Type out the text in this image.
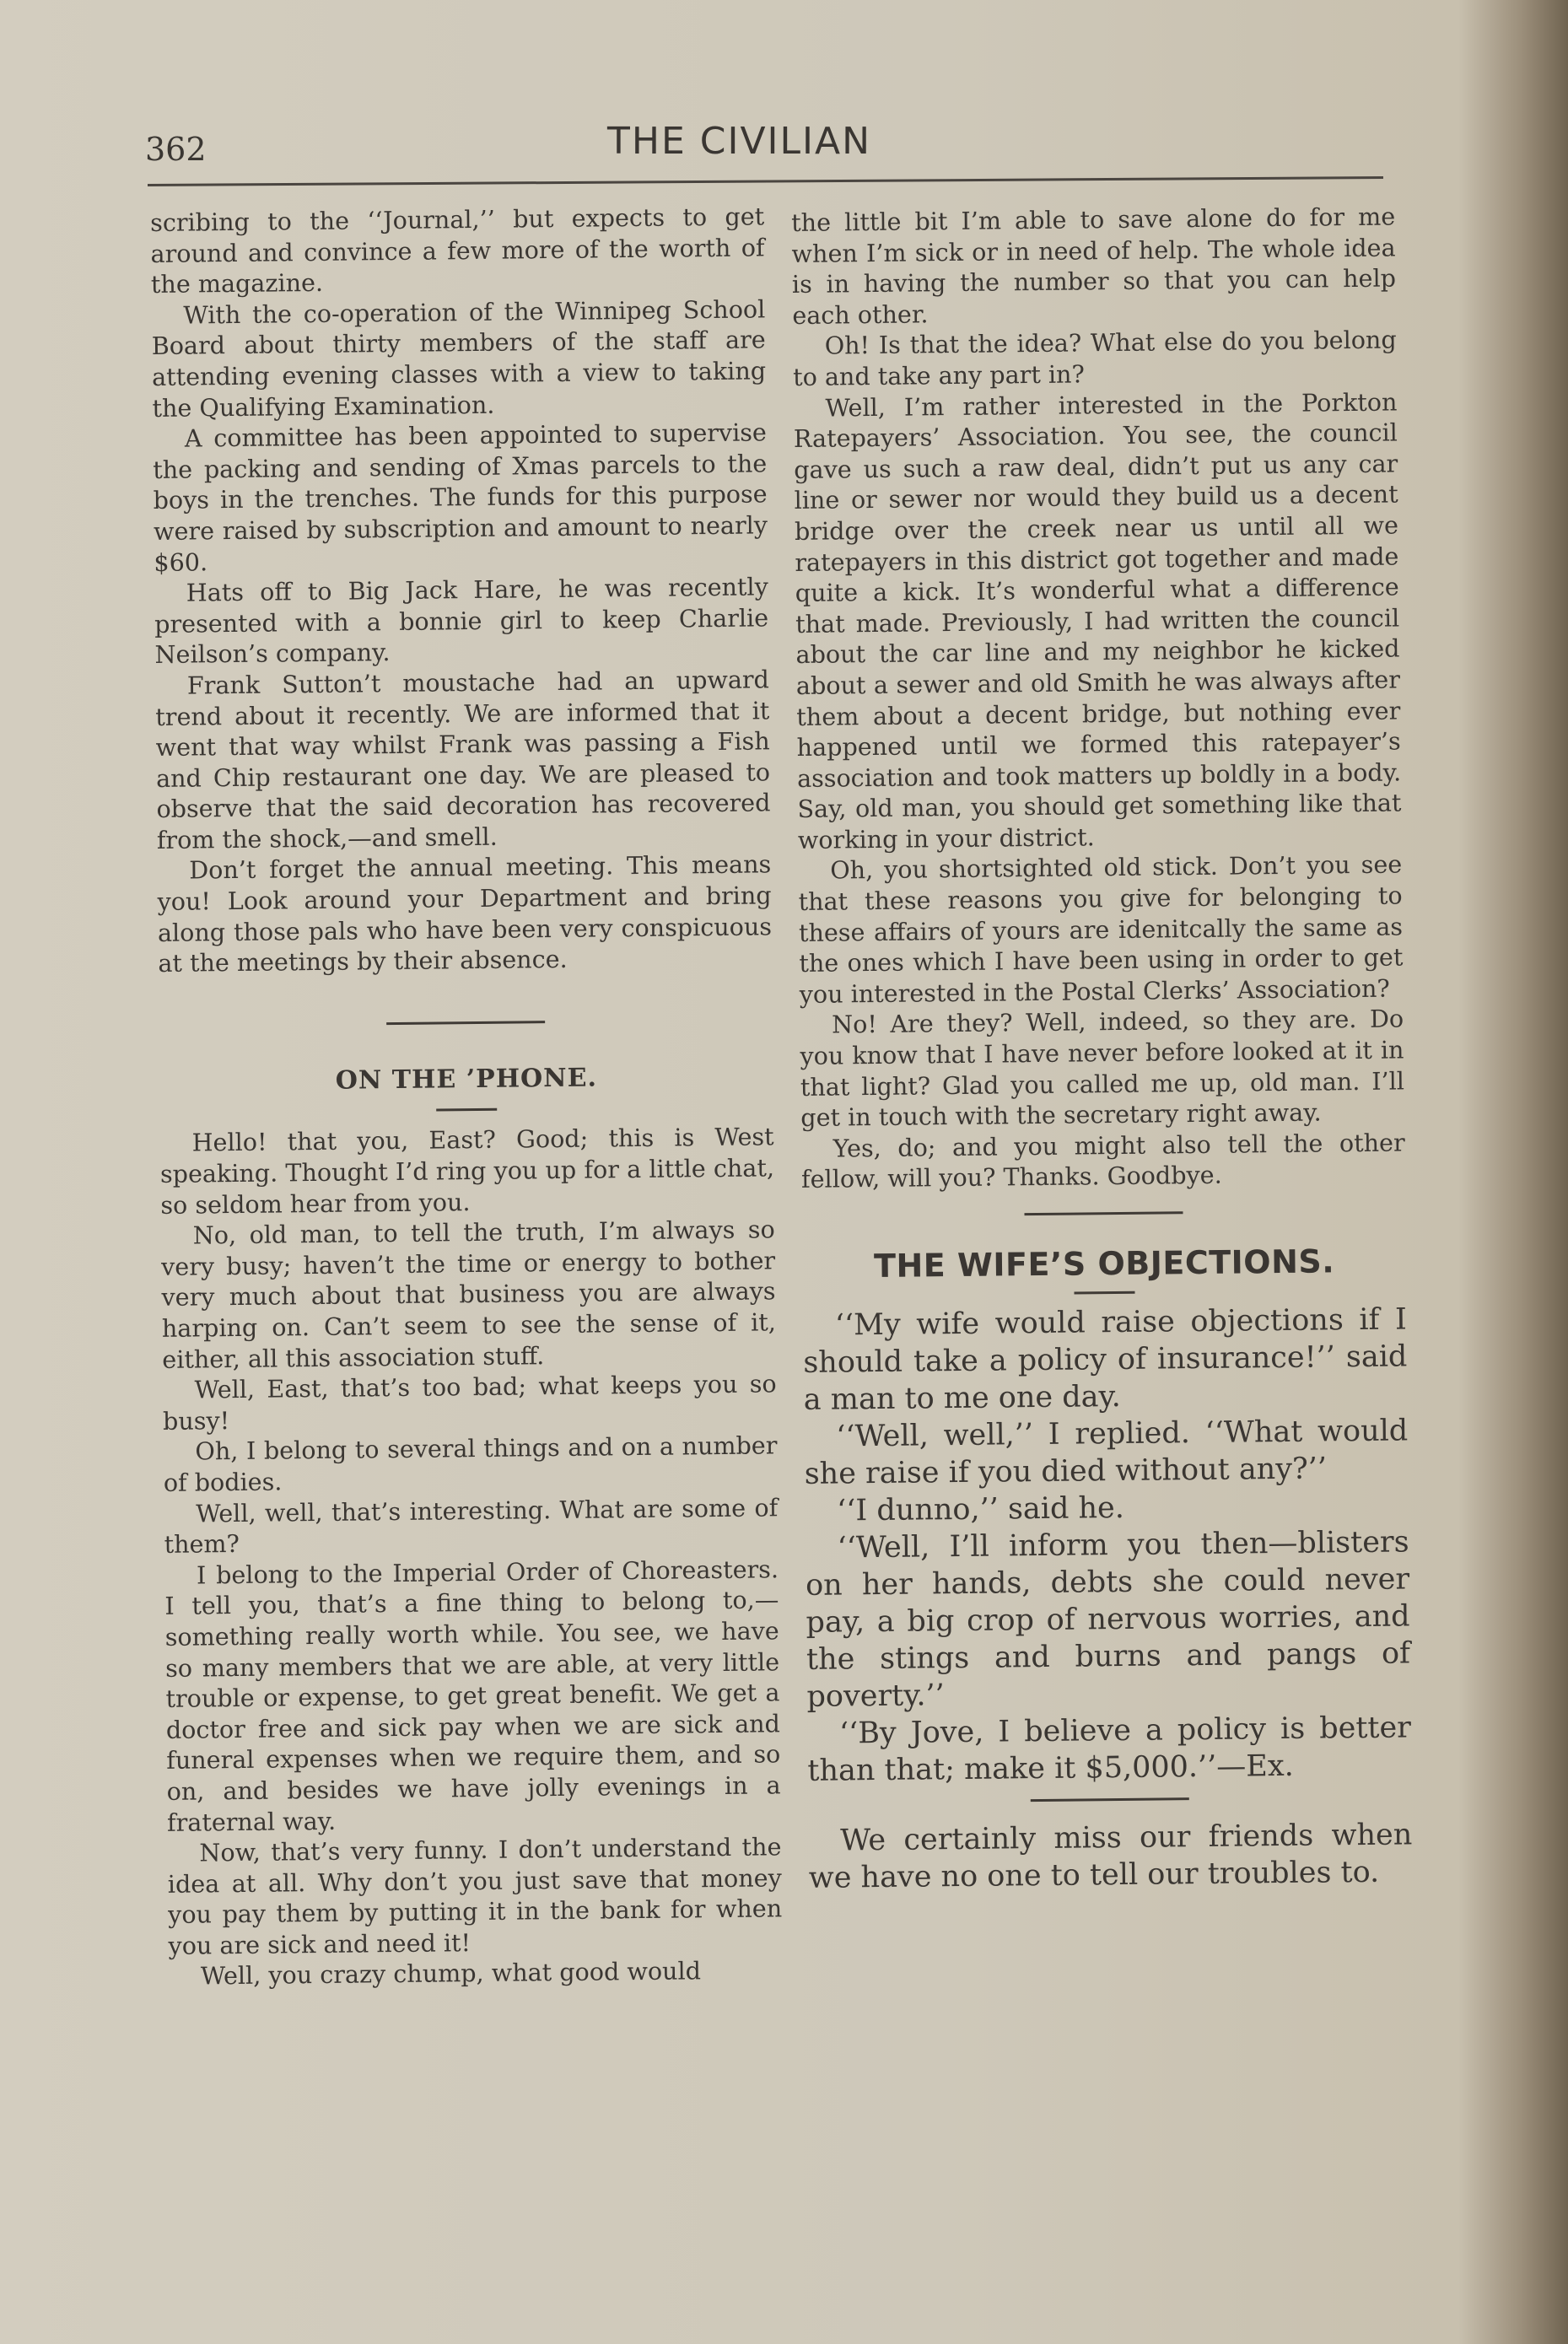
362	THE CIVILIAN

scribing to the ‘‘Journal,’’ but expects to get around and convince a few more of the worth of the magazine.

With the co-operation of the Winnipeg School Board about thirty members of the staff are attending evening classes with a view to taking the Qualifying Examination.

A committee has been appointed to supervise the packing and sending of Xmas parcels to the boys in the trenches. The funds for this purpose were raised by subscription and amount to nearly $60.

Hats off to Big Jack Hare, he was recently presented with a bonnie girl to keep Charlie Neilson’s company.

Frank Sutton’t moustache had an upward trend about it recently. We are informed that it went that way whilst Frank was passing a Fish and Chip restaurant one day. We are pleased to observe that the said decoration has recovered from the shock,—and smell.

Don’t forget the annual meeting. This means you! Look around your Department and bring along those pals who have been very conspicuous at the meetings by their absence.

ON THE ’PHONE.

Hello! that you, East? Good; this is West speaking. Thought I’d ring you up for a little chat, so seldom hear from you.

No, old man, to tell the truth, I’m always so very busy; haven’t the time or energy to bother very much about that business you are always harping on. Can’t seem to see the sense of it, either, all this association stuff.

Well, East, that’s too bad; what keeps you so busy!

Oh, I belong to several things and on a number of bodies.

Well, well, that’s interesting. What are some of them?

I belong to the Imperial Order of Choreasters. I tell you, that’s a fine thing to belong to,—something really worth while. You see, we have so many members that we are able, at very little trouble or expense, to get great benefit. We get a doctor free and sick pay when we are sick and funeral expenses when we require them, and so on, and besides we have jolly evenings in a fraternal way.

Now, that’s very funny. I don’t understand the idea at all. Why don’t you just save that money you pay them by putting it in the bank for when you are sick and need it!

Well, you crazy chump, what good would

the little bit I’m able to save alone do for me when I’m sick or in need of help. The whole idea is in having the number so that you can help each other.

Oh! Is that the idea? What else do you belong to and take any part in?

Well, I’m rather interested in the Porkton Ratepayers’ Association. You see, the council gave us such a raw deal, didn’t put us any car line or sewer nor would they build us a decent bridge over the creek near us until all we ratepayers in this district got together and made quite a kick. It’s wonderful what a difference that made. Previously, I had written the council about the car line and my neighbor he kicked about a sewer and old Smith he was always after them about a decent bridge, but nothing ever happened until we formed this ratepayer’s association and took matters up boldly in a body. Say, old man, you should get something like that working in your district.

Oh, you shortsighted old stick. Don’t you see that these reasons you give for belonging to these affairs of yours are idenitcally the same as the ones which I have been using in order to get you interested in the Postal Clerks’ Association?

No! Are they? Well, indeed, so they are. Do you know that I have never before looked at it in that light? Glad you called me up, old man. I’ll get in touch with the secretary right away.

Yes, do; and you might also tell the other fellow, will you? Thanks. Goodbye.

THE WIFE’S OBJECTIONS.

‘‘My wife would raise objections if I should take a policy of insurance!’’ said a man to me one day.

‘‘Well, well,’’ I replied. ‘‘What would she raise if you died without any?’’

‘‘I dunno,’’ said he.

‘‘Well, I’ll inform you then—blisters on her hands, debts she could never pay, a big crop of nervous worries, and the stings and burns and pangs of poverty.’’

‘‘By Jove, I believe a policy is better than that; make it $5,000.’’—Ex.

We certainly miss our friends when we have no one to tell our troubles to.
